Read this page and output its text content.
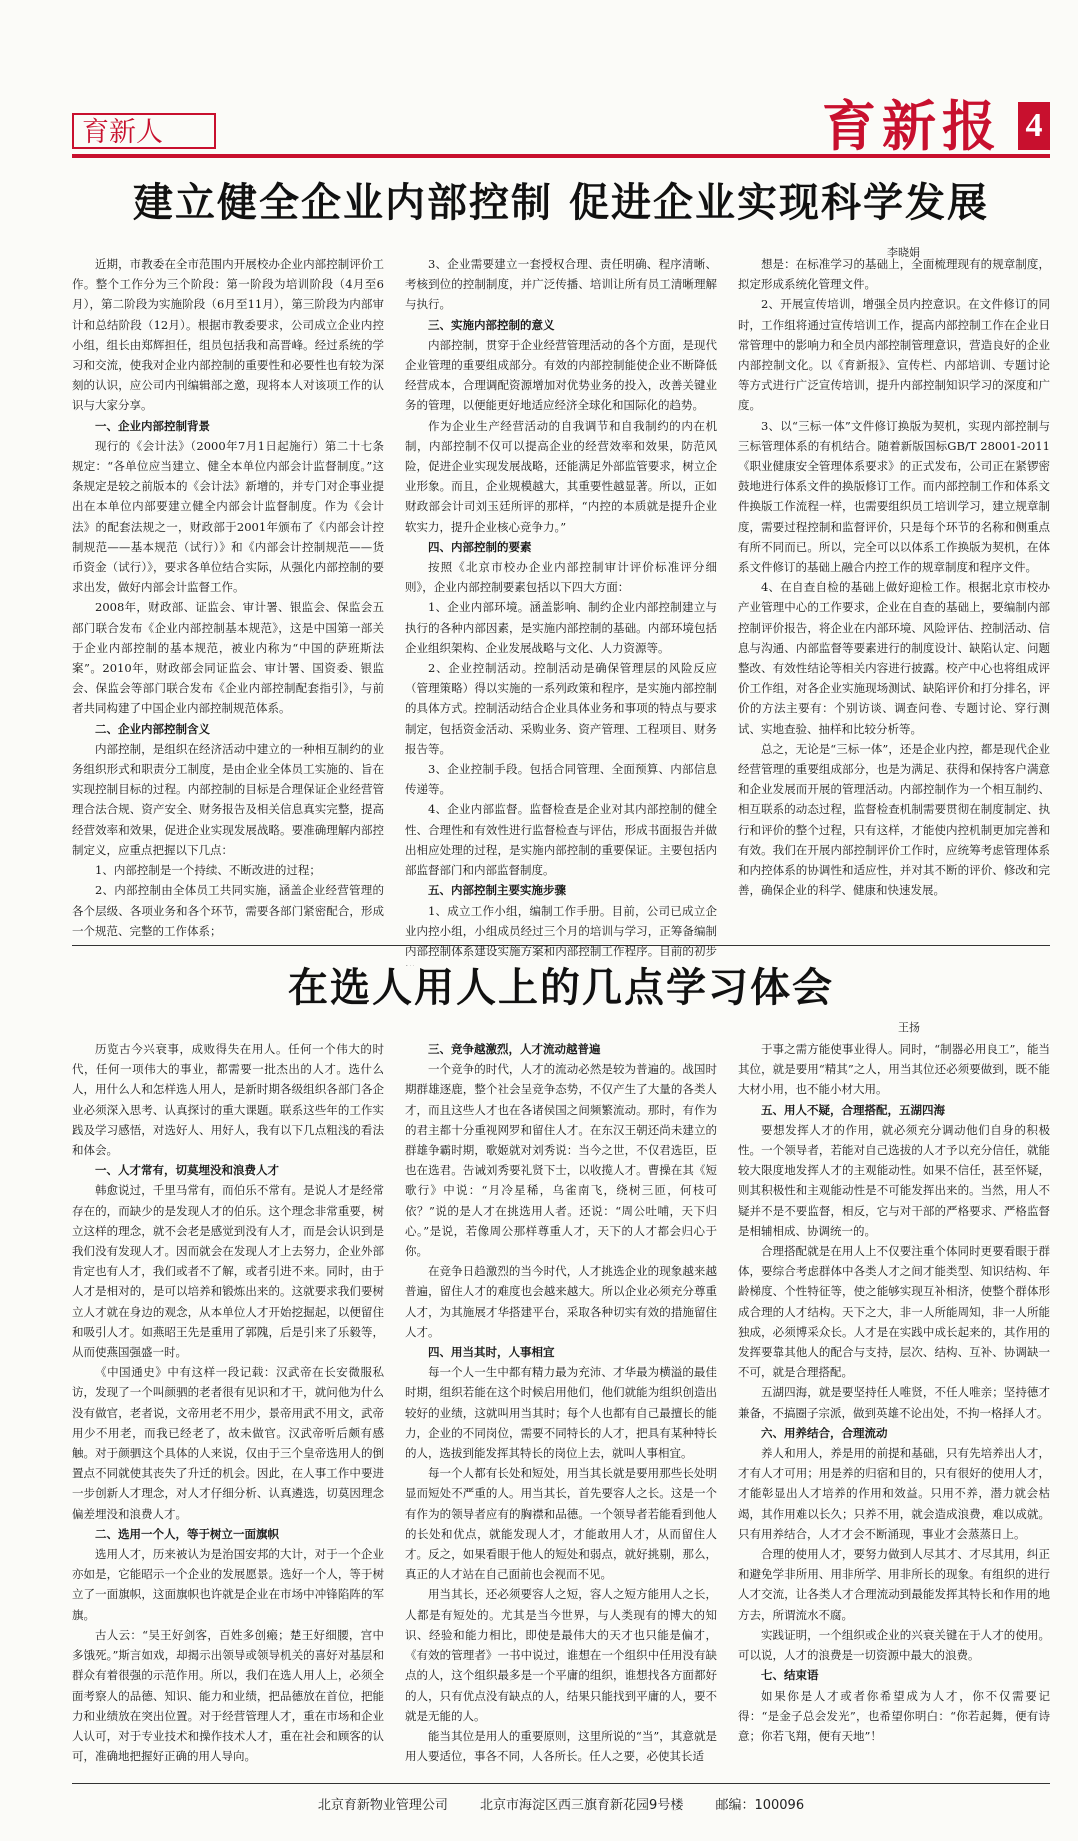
育新人	育新报 4
建立健全企业内部控制 促进企业实现科学发展
李晓娟

近期，市教委在全市范围内开展校办企业内部控制评价工作。整个工作分为三个阶段：第一阶段为培训阶段（4月至6月），第二阶段为实施阶段（6月至11月），第三阶段为内部审计和总结阶段（12月）。根据市教委要求，公司成立企业内控小组，组长由郑辉担任，组员包括我和高晋峰。经过系统的学习和交流，使我对企业内部控制的重要性和必要性也有较为深刻的认识，应公司内刊编辑部之邀，现将本人对该项工作的认识与大家分享。

一、企业内部控制背景

现行的《会计法》（2000年7月1日起施行）第二十七条规定：“各单位应当建立、健全本单位内部会计监督制度。”这条规定是较之前版本的《会计法》新增的，并专门对企事业提出在本单位内部要建立健全内部会计监督制度。作为《会计法》的配套法规之一，财政部于2001年颁布了《内部会计控制规范——基本规范（试行）》和《内部会计控制规范——货币资金（试行）》，要求各单位结合实际，从强化内部控制的要求出发，做好内部会计监督工作。

2008年，财政部、证监会、审计署、银监会、保监会五部门联合发布《企业内部控制基本规范》，这是中国第一部关于企业内部控制的基本规范，被业内称为“中国的萨班斯法案”。2010年，财政部会同证监会、审计署、国资委、银监会、保监会等部门联合发布《企业内部控制配套指引》，与前者共同构建了中国企业内部控制规范体系。

二、企业内部控制含义

内部控制，是组织在经济活动中建立的一种相互制约的业务组织形式和职责分工制度，是由企业全体员工实施的、旨在实现控制目标的过程。内部控制的目标是合理保证企业经营管理合法合规、资产安全、财务报告及相关信息真实完整，提高经营效率和效果，促进企业实现发展战略。要准确理解内部控制定义，应重点把握以下几点：

1、内部控制是一个持续、不断改进的过程；

2、内部控制由全体员工共同实施，涵盖企业经营管理的各个层级、各项业务和各个环节，需要各部门紧密配合，形成一个规范、完整的工作体系；

3、企业需要建立一套授权合理、责任明确、程序清晰、考核到位的控制制度，并广泛传播、培训让所有员工清晰理解与执行。

三、实施内部控制的意义

内部控制，贯穿于企业经营管理活动的各个方面，是现代企业管理的重要组成部分。有效的内部控制能使企业不断降低经营成本，合理调配资源增加对优势业务的投入，改善关键业务的管理，以便能更好地适应经济全球化和国际化的趋势。

作为企业生产经营活动的自我调节和自我制约的内在机制，内部控制不仅可以提高企业的经营效率和效果，防范风险，促进企业实现发展战略，还能满足外部监管要求，树立企业形象。而且，企业规模越大，其重要性越显著。所以，正如财政部会计司刘玉廷所评的那样，“内控的本质就是提升企业软实力，提升企业核心竞争力。”

四、内部控制的要素

按照《北京市校办企业内部控制审计评价标准评分细则》，企业内部控制要素包括以下四大方面：

1、企业内部环境。涵盖影响、制约企业内部控制建立与执行的各种内部因素，是实施内部控制的基础。内部环境包括企业组织架构、企业发展战略与文化、人力资源等。

2、企业控制活动。控制活动是确保管理层的风险反应（管理策略）得以实施的一系列政策和程序，是实施内部控制的具体方式。控制活动结合企业具体业务和事项的特点与要求制定，包括资金活动、采购业务、资产管理、工程项目、财务报告等。

3、企业控制手段。包括合同管理、全面预算、内部信息传递等。

4、企业内部监督。监督检查是企业对其内部控制的健全性、合理性和有效性进行监督检查与评估，形成书面报告并做出相应处理的过程，是实施内部控制的重要保证。主要包括内部监督部门和内部监督制度。

五、内部控制主要实施步骤

1、成立工作小组，编制工作手册。目前，公司已成立企业内控小组，小组成员经过三个月的培训与学习，正筹备编制内部控制体系建设实施方案和内部控制工作程序。目前的初步

想是：在标准学习的基础上，全面梳理现有的规章制度，拟定形成系统化管理文件。

2、开展宣传培训，增强全员内控意识。在文件修订的同时，工作组将通过宣传培训工作，提高内部控制工作在企业日常管理中的影响力和全员内部控制管理意识，营造良好的企业内部控制文化。以《育新报》、宣传栏、内部培训、专题讨论等方式进行广泛宣传培训，提升内部控制知识学习的深度和广度。

3、以“三标一体”文件修订换版为契机，实现内部控制与三标管理体系的有机结合。随着新版国标GB/T 28001-2011《职业健康安全管理体系要求》的正式发布，公司正在紧锣密鼓地进行体系文件的换版修订工作。而内部控制工作和体系文件换版工作流程一样，也需要组织员工培训学习，建立规章制度，需要过程控制和监督评价，只是每个环节的名称和侧重点有所不同而已。所以，完全可以以体系工作换版为契机，在体系文件修订的基础上融合内控工作的规章制度和程序文件。

4、在自查自检的基础上做好迎检工作。根据北京市校办产业管理中心的工作要求，企业在自查的基础上，要编制内部控制评价报告，将企业在内部环境、风险评估、控制活动、信息与沟通、内部监督等要素进行的制度设计、缺陷认定、问题整改、有效性结论等相关内容进行披露。校产中心也将组成评价工作组，对各企业实施现场测试、缺陷评价和打分排名，评价的方法主要有：个别访谈、调查问卷、专题讨论、穿行测试、实地查验、抽样和比较分析等。

总之，无论是“三标一体”，还是企业内控，都是现代企业经营管理的重要组成部分，也是为满足、获得和保持客户满意和企业发展而开展的管理活动。内部控制作为一个相互制约、相互联系的动态过程，监督检查机制需要贯彻在制度制定、执行和评价的整个过程，只有这样，才能使内控机制更加完善和有效。我们在开展内部控制评价工作时，应统筹考虑管理体系和内控体系的协调性和适应性，并对其不断的评价、修改和完善，确保企业的科学、健康和快速发展。

在选人用人上的几点学习体会
王扬

历览古今兴衰事，成败得失在用人。任何一个伟大的时代，任何一项伟大的事业，都需要一批杰出的人才。选什么人，用什么人和怎样选人用人，是新时期各级组织各部门各企业必须深入思考、认真探讨的重大课题。联系这些年的工作实践及学习感悟，对选好人、用好人，我有以下几点粗浅的看法和体会。

一、人才常有，切莫埋没和浪费人才

韩愈说过，千里马常有，而伯乐不常有。是说人才是经常存在的，而缺少的是发现人才的伯乐。这个理念非常重要，树立这样的理念，就不会老是感觉到没有人才，而是会认识到是我们没有发现人才。因而就会在发现人才上去努力，企业外部肯定也有人才，我们或者不了解，或者引进不来。同时，由于人才是相对的，是可以培养和锻炼出来的。这就要求我们要树立人才就在身边的观念，从本单位人才开始挖掘起，以便留住和吸引人才。如燕昭王先是重用了郭隗，后是引来了乐毅等，从而使燕国强盛一时。

《中国通史》中有这样一段记载：汉武帝在长安微服私访，发现了一个叫颜驷的老者很有见识和才干，就问他为什么没有做官，老者说，文帝用老不用少，景帝用武不用文，武帝用少不用老，而我已经老了，故未做官。汉武帝听后颇有感触。对于颜驷这个具体的人来说，仅由于三个皇帝选用人的倒置点不同就使其丧失了升迁的机会。因此，在人事工作中要进一步创新人才理念，对人才仔细分析、认真遴选，切莫因理念偏差埋没和浪费人才。

二、选用一个人，等于树立一面旗帜

选用人才，历来被认为是治国安邦的大计，对于一个企业亦如是，它能昭示一个企业的发展愿景。选好一个人，等于树立了一面旗帜，这面旗帜也许就是企业在市场中冲锋陷阵的军旗。

古人云：“吴王好剑客，百姓多创瘢；楚王好细腰，宫中多饿死。”斯言如戏，却揭示出领导或领导机关的喜好对基层和群众有着很强的示范作用。所以，我们在选人用人上，必须全面考察人的品德、知识、能力和业绩，把品德放在首位，把能力和业绩放在突出位置。对于经营管理人才，重在市场和企业人认可，对于专业技术和操作技术人才，重在社会和顾客的认可，准确地把握好正确的用人导向。

三、竞争越激烈，人才流动越普遍

一个竞争的时代，人才的流动必然是较为普遍的。战国时期群雄逐鹿，整个社会呈竞争态势，不仅产生了大量的各类人才，而且这些人才也在各诸侯国之间频繁流动。那时，有作为的君主都十分重视网罗和留住人才。在东汉王朝还尚未建立的群雄争霸时期，歌姬就对刘秀说：当今之世，不仅君选臣，臣也在选君。告诫刘秀要礼贤下士，以收揽人才。曹操在其《短歌行》中说：“月冷星稀，乌雀南飞，绕树三匝，何枝可依？”说的是人才在挑选用人者。还说：“周公吐哺，天下归心。”是说，若像周公那样尊重人才，天下的人才都会归心于你。

在竞争日趋激烈的当今时代，人才挑选企业的现象越来越普遍，留住人才的难度也会越来越大。所以企业必须充分尊重人才，为其施展才华搭建平台，采取各种切实有效的措施留住人才。

四、用当其时，人事相宜

每一个人一生中都有精力最为充沛、才华最为横溢的最佳时期，组织若能在这个时候启用他们，他们就能为组织创造出较好的业绩，这就叫用当其时；每个人也都有自己最擅长的能力，企业的不同岗位，需要不同特长的人才，把具有某种特长的人，选拔到能发挥其特长的岗位上去，就叫人事相宜。

每一个人都有长处和短处，用当其长就是要用那些长处明显而短处不严重的人。用当其长，首先要容人之长。这是一个有作为的领导者应有的胸襟和品德。一个领导者若能看到他人的长处和优点，就能发现人才，才能敢用人才，从而留住人才。反之，如果看眼于他人的短处和弱点，就好挑剔，那么，真正的人才站在自己面前也会视而不见。

用当其长，还必须要容人之短，容人之短方能用人之长，人都是有短处的。尤其是当今世界，与人类现有的博大的知识、经验和能力相比，即使是最伟大的天才也只能是偏才，《有效的管理者》一书中说过，谁想在一个组织中任用没有缺点的人，这个组织最多是一个平庸的组织，谁想找各方面都好的人，只有优点没有缺点的人，结果只能找到平庸的人，要不就是无能的人。

能当其位是用人的重要原则，这里所说的“当”，其意就是用人要适位，事各不同，人各所长。任人之要，必使其长适

于事之需方能使事业得人。同时，“制器必用良工”，能当其位，就是要用“精其”之人，用当其位还必须要做到，既不能大材小用，也不能小材大用。

五、用人不疑，合理搭配，五湖四海

要想发挥人才的作用，就必须充分调动他们自身的积极性。一个领导者，若能对自己选拔的人才予以充分信任，就能较大限度地发挥人才的主观能动性。如果不信任，甚至怀疑，则其积极性和主观能动性是不可能发挥出来的。当然，用人不疑并不是不要监督，相反，它与对干部的严格要求、严格监督是相辅相成、协调统一的。

合理搭配就是在用人上不仅要注重个体同时更要看眼于群体，要综合考虑群体中各类人才之间才能类型、知识结构、年龄梯度、个性特征等，使之能够实现互补相济，使整个群体形成合理的人才结构。天下之大，非一人所能周知，非一人所能独成，必须博采众长。人才是在实践中成长起来的，其作用的发挥要靠其他人的配合与支持，层次、结构、互补、协调缺一不可，就是合理搭配。

五湖四海，就是要坚持任人唯贤，不任人唯亲；坚持德才兼备，不搞圈子宗派，做到英雄不论出处，不拘一格择人才。

六、用养结合，合理流动

养人和用人，养是用的前提和基础，只有先培养出人才，才有人才可用；用是养的归宿和目的，只有很好的使用人才，才能彰显出人才培养的作用和效益。只用不养，潜力就会枯竭，其作用难以长久；只养不用，就会造成浪费，难以成就。只有用养结合，人才才会不断涌现，事业才会蒸蒸日上。

合理的使用人才，要努力做到人尽其才、才尽其用，纠正和避免学非所用、用非所学、用非所长的现象。有组织的进行人才交流，让各类人才合理流动到最能发挥其特长和作用的地方去，所谓流水不腐。

实践证明，一个组织或企业的兴衰关键在于人才的使用。可以说，人才的浪费是一切资源中最大的浪费。

七、结束语

如果你是人才或者你希望成为人才，你不仅需要记得：“是金子总会发光”，也希望你明白：“你若起舞，便有诗意；你若飞翔，便有天地”！

北京育新物业管理公司 北京市海淀区西三旗育新花园9号楼 邮编：100096
